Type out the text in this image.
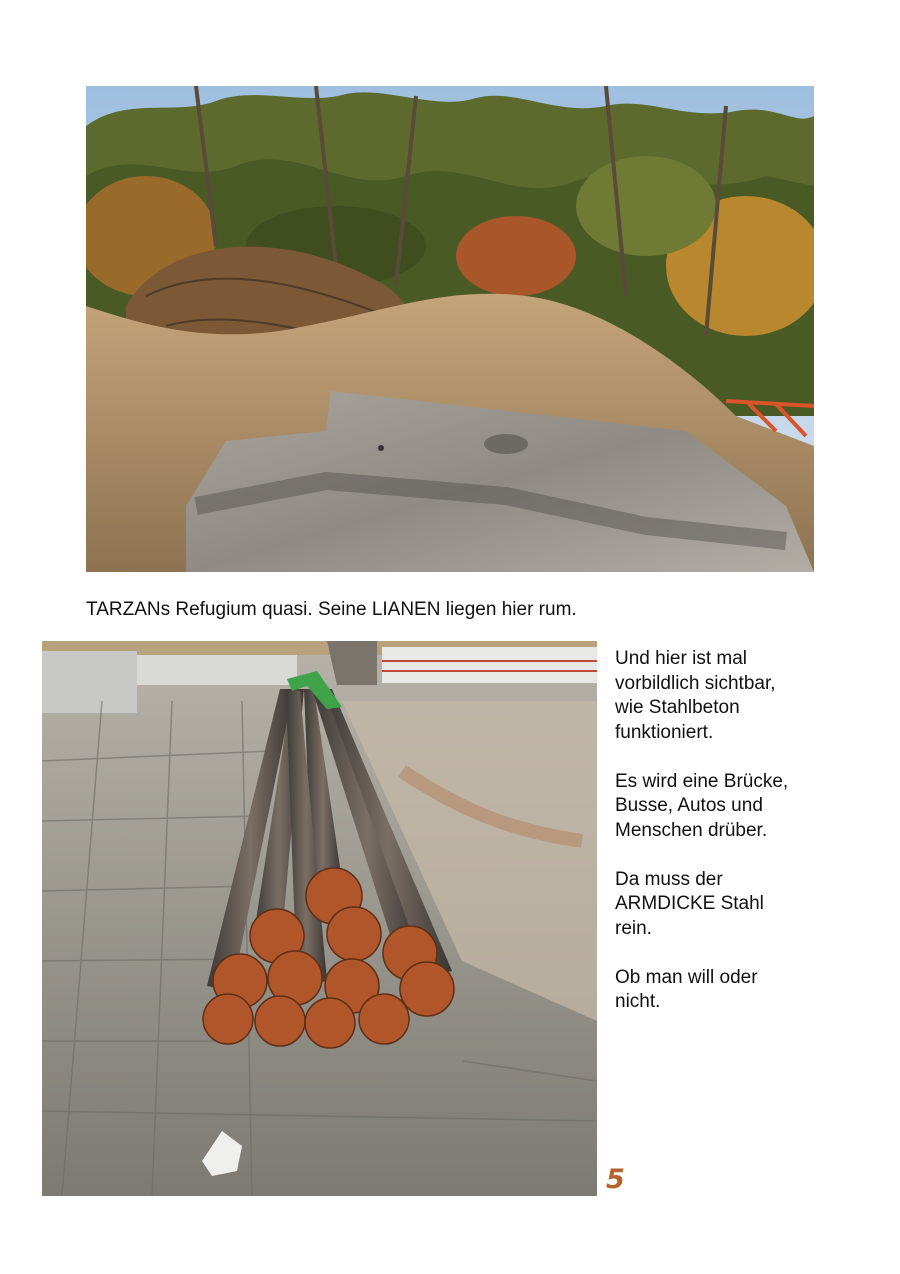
TARZANs Refugium quasi. Seine LIANEN liegen hier rum.

Und hier ist mal
vorbildlich sichtbar,
wie Stahlbeton
funktioniert.

Es wird eine Brücke,
Busse, Autos und
Menschen drüber.

Da muss der
ARMDICKE Stahl
rein.

Ob man will oder
nicht.

5
